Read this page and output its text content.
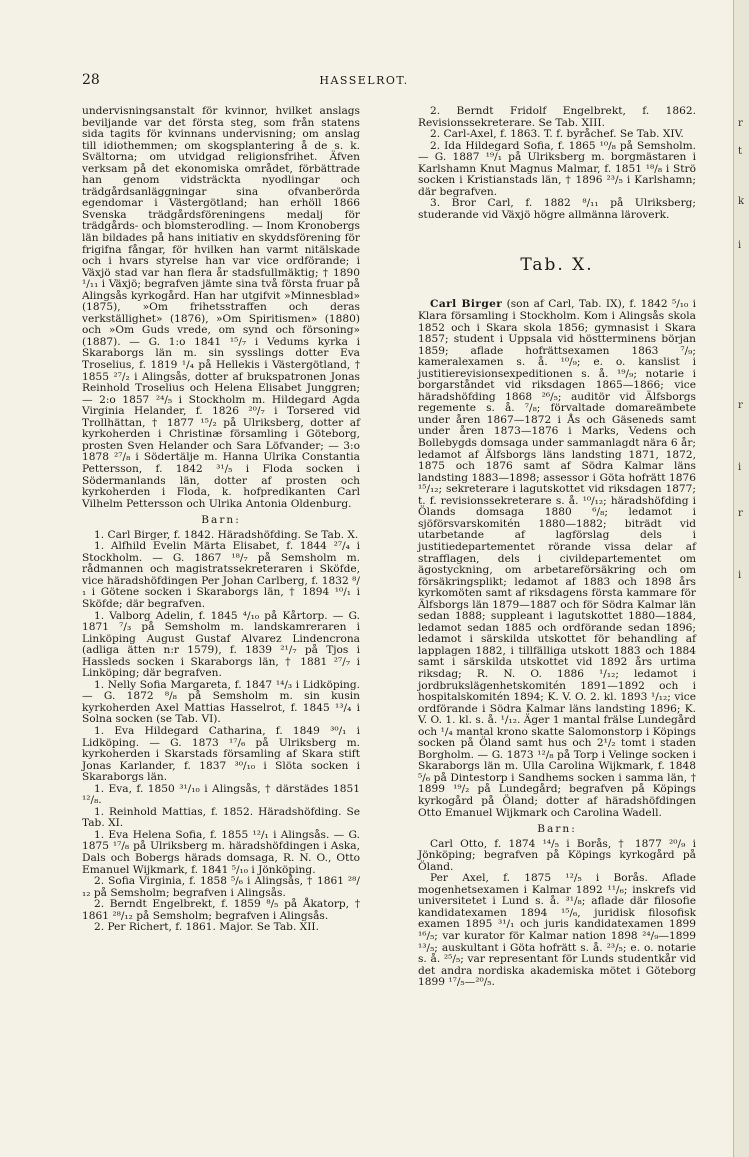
28	HASSELROT.

undervisningsanstalt för kvinnor, hvilket anslags beviljande var det första steg, som från statens sida tagits för kvinnans undervisning; om anslag till idiothemmen; om skogsplantering å de s. k. Svältorna; om utvidgad religionsfrihet. Äfven verksam på det ekonomiska området, förbättrade han genom vidsträckta nyodlingar och trädgårdsanläggningar sina ofvanberörda egendomar i Västergötland; han erhöll 1866 Svenska trädgårdsföreningens medalj för trädgårds- och blomsterodling. — Inom Kronobergs län bildades på hans initiativ en skyddsförening för frigifna fångar, för hvilken han varmt nitälskade och i hvars styrelse han var vice ordförande; i Växjö stad var han flera år stadsfullmäktig; † 1890 ¹/₁₁ i Växjö; begrafven jämte sina två första fruar på Alingsås kyrkogård. Han har utgifvit »Minnesblad» (1875), »Om frihetsstraffen och deras verkställighet» (1876), »Om Spiritismen» (1880) och »Om Guds vrede, om synd och försoning» (1887). — G. 1:o 1841 ¹⁵/₇ i Vedums kyrka i Skaraborgs län m. sin sysslings dotter Eva Troselius, f. 1819 ¹/₄ på Hellekis i Västergötland, † 1855 ²⁷/₂ i Alingsås, dotter af brukspatronen Jonas Reinhold Troselius och Helena Elisabet Junggren; — 2:o 1857 ²⁴/₅ i Stockholm m. Hildegard Agda Virginia Helander, f. 1826 ²⁰/₇ i Torsered vid Trollhättan, † 1877 ¹⁵/₂ på Ulriksberg, dotter af kyrkoherden i Christinæ församling i Göteborg, prosten Sven Helander och Sara Löfvander; — 3:o 1878 ²⁷/₈ i Södertälje m. Hanna Ulrika Constantia Pettersson, f. 1842 ³¹/₅ i Floda socken i Södermanlands län, dotter af prosten och kyrkoherden i Floda, k. hofpredikanten Carl Vilhelm Pettersson och Ulrika Antonia Oldenburg.

Barn:

1. Carl Birger, f. 1842. Häradshöfding. Se Tab. X.

1. Alfhild Evelin Märta Elisabet, f. 1844 ²⁷/₄ i Stockholm. — G. 1867 ¹⁸/₇ på Semsholm m. rådmannen och magistratssekreteraren i Sköfde, vice häradshöfdingen Per Johan Carlberg, f. 1832 ⁸/₁ i Götene socken i Skaraborgs län, † 1894 ¹⁰/₁ i Sköfde; där begrafven.

1. Valborg Adelin, f. 1845 ⁴/₁₀ på Kårtorp. — G. 1871 ⁷/₃ på Semsholm m. landskamreraren i Linköping August Gustaf Alvarez Lindencrona (adliga ätten n:r 1579), f. 1839 ²¹/₇ på Tjos i Hassleds socken i Skaraborgs län, † 1881 ²⁷/₇ i Linköping; där begrafven.

1. Nelly Sofia Margareta, f. 1847 ¹⁴/₃ i Lidköping. — G. 1872 ⁸/₈ på Semsholm m. sin kusin kyrkoherden Axel Mattias Hasselrot, f. 1845 ¹³/₄ i Solna socken (se Tab. VI).

1. Eva Hildegard Catharina, f. 1849 ³⁰/₁ i Lidköping. — G. 1873 ¹⁷/₆ på Ulriksberg m. kyrkoherden i Skarstads församling af Skara stift Jonas Karlander, f. 1837 ³⁰/₁₀ i Slöta socken i Skaraborgs län.

1. Eva, f. 1850 ³¹/₁₀ i Alingsås, † därstädes 1851 ¹²/₈.

1. Reinhold Mattias, f. 1852. Häradshöfding. Se Tab. XI.

1. Eva Helena Sofia, f. 1855 ¹²/₁ i Alingsås. — G. 1875 ¹⁷/₈ på Ulriksberg m. häradshöfdingen i Aska, Dals och Bobergs härads domsaga, R. N. O., Otto Emanuel Wijkmark, f. 1841 ⁵/₁₀ i Jönköping.

2. Sofia Virginia, f. 1858 ⁵/₆ i Alingsås, † 1861 ²⁸/₁₂ på Semsholm; begrafven i Alingsås.

2. Berndt Engelbrekt, f. 1859 ⁸/₅ på Åkatorp, † 1861 ²⁸/₁₂ på Semsholm; begrafven i Alingsås.

2. Per Richert, f. 1861. Major. Se Tab. XII.

2. Berndt Fridolf Engelbrekt, f. 1862. Revisionssekreterare. Se Tab. XIII.

2. Carl-Axel, f. 1863. T. f. byråchef. Se Tab. XIV.

2. Ida Hildegard Sofia, f. 1865 ¹⁰/₈ på Semsholm. — G. 1887 ¹⁹/₁ på Ulriksberg m. borgmästaren i Karlshamn Knut Magnus Malmar, f. 1851 ¹⁸/₈ i Strö socken i Kristianstads län, † 1896 ²³/₅ i Karlshamn; där begrafven.

3. Bror Carl, f. 1882 ⁸/₁₁ på Ulriksberg; studerande vid Växjö högre allmänna läroverk.

Tab. X.

Carl Birger (son af Carl, Tab. IX), f. 1842 ⁵/₁₀ i Klara församling i Stockholm. Kom i Alingsås skola 1852 och i Skara skola 1856; gymnasist i Skara 1857; student i Uppsala vid höstterminens början 1859; aflade hofrättsexamen 1863 ⁷/₉; kameralexamen s. å. ¹⁰/₉; e. o. kanslist i justitierevisionsexpeditionen s. å. ¹⁹/₉; notarie i borgarståndet vid riksdagen 1865—1866; vice häradshöfding 1868 ²⁶/₅; auditör vid Älfsborgs regemente s. å. ⁷/₈; förvaltade domareämbete under åren 1867—1872 i Ås och Gäseneds samt under åren 1873—1876 i Marks, Vedens och Bollebygds domsaga under sammanlagdt nära 6 år; ledamot af Älfsborgs läns landsting 1871, 1872, 1875 och 1876 samt af Södra Kalmar läns landsting 1883—1898; assessor i Göta hofrätt 1876 ¹⁵/₁₂; sekreterare i lagutskottet vid riksdagen 1877; t. f. revisionssekreterare s. å. ¹⁰/₁₂; häradshöfding i Ölands domsaga 1880 ⁶/₈; ledamot i sjöförsvarskomitén 1880—1882; biträdt vid utarbetande af lagförslag dels i justitiedepartementet rörande vissa delar af strafflagen, dels i civildepartementet om ägostyckning, om arbetareförsäkring och om försäkringsplikt; ledamot af 1883 och 1898 års kyrkomöten samt af riksdagens första kammare för Älfsborgs län 1879—1887 och för Södra Kalmar län sedan 1888; suppleant i lagutskottet 1880—1884, ledamot sedan 1885 och ordförande sedan 1896; ledamot i särskilda utskottet för behandling af lapplagen 1882, i tillfälliga utskott 1883 och 1884 samt i särskilda utskottet vid 1892 års urtima riksdag; R. N. O. 1886 ¹/₁₂; ledamot i jordbrukslägenhetskomitén 1891—1892 och i hospitalskomitén 1894; K. V. O. 2. kl. 1893 ¹/₁₂; vice ordförande i Södra Kalmar läns landsting 1896; K. V. O. 1. kl. s. å. ¹/₁₂. Äger 1 mantal frälse Lundegård och ¹/₄ mantal krono skatte Salomonstorp i Köpings socken på Öland samt hus och 2¹/₂ tomt i staden Borgholm. — G. 1873 ¹²/₈ på Torp i Velinge socken i Skaraborgs län m. Ulla Carolina Wijkmark, f. 1848 ⁵/₆ på Dintestorp i Sandhems socken i samma län, † 1899 ¹⁹/₂ på Lundegård; begrafven på Köpings kyrkogård på Öland; dotter af häradshöfdingen Otto Emanuel Wijkmark och Carolina Wadell.

Barn:

Carl Otto, f. 1874 ¹⁴/₅ i Borås, † 1877 ²⁰/₉ i Jönköping; begrafven på Köpings kyrkogård på Öland.

Per Axel, f. 1875 ¹²/₅ i Borås. Aflade mogenhetsexamen i Kalmar 1892 ¹¹/₆; inskrefs vid universitetet i Lund s. å. ³¹/₈; aflade där filosofie kandidatexamen 1894 ¹⁵/₆, juridisk filosofisk examen 1895 ³¹/₁ och juris kandidatexamen 1899 ¹⁶/₅; var kurator för Kalmar nation 1898 ²⁴/₉—1899 ¹³/₅; auskultant i Göta hofrätt s. å. ²³/₅; e. o. notarie s. å. ²⁵/₅; var representant för Lunds studentkår vid det andra nordiska akademiska mötet i Göteborg 1899 ¹⁷/₅—²⁰/₅.

r
t
k
i
r
i
r
i
